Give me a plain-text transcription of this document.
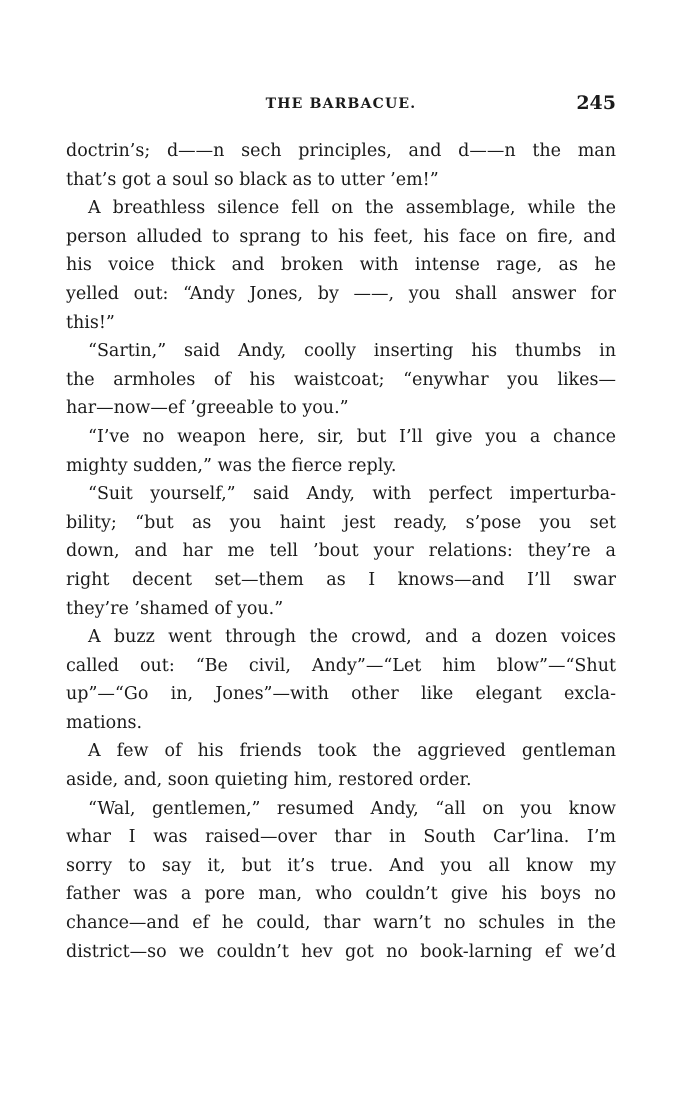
THE BARBACUE.	245
doctrin’s; d——n sech principles, and d——n the man
that’s got a soul so black as to utter ’em!”
A breathless silence fell on the assemblage, while the
person alluded to sprang to his feet, his face on fire, and
his voice thick and broken with intense rage, as he
yelled out: “Andy Jones, by ——, you shall answer for
this!”
“Sartin,” said Andy, coolly inserting his thumbs in
the armholes of his waistcoat; “enywhar you likes—
har—now—ef ’greeable to you.”
“I’ve no weapon here, sir, but I’ll give you a chance
mighty sudden,” was the fierce reply.
“Suit yourself,” said Andy, with perfect imperturba-
bility; “but as you haint jest ready, s’pose you set
down, and har me tell ’bout your relations: they’re a
right decent set—them as I knows—and I’ll swar
they’re ’shamed of you.”
A buzz went through the crowd, and a dozen voices
called out: “Be civil, Andy”—“Let him blow”—“Shut
up”—“Go in, Jones”—with other like elegant excla-
mations.
A few of his friends took the aggrieved gentleman
aside, and, soon quieting him, restored order.
“Wal, gentlemen,” resumed Andy, “all on you know
whar I was raised—over thar in South Car’lina. I’m
sorry to say it, but it’s true. And you all know my
father was a pore man, who couldn’t give his boys no
chance—and ef he could, thar warn’t no schules in the
district—so we couldn’t hev got no book-larning ef we’d
